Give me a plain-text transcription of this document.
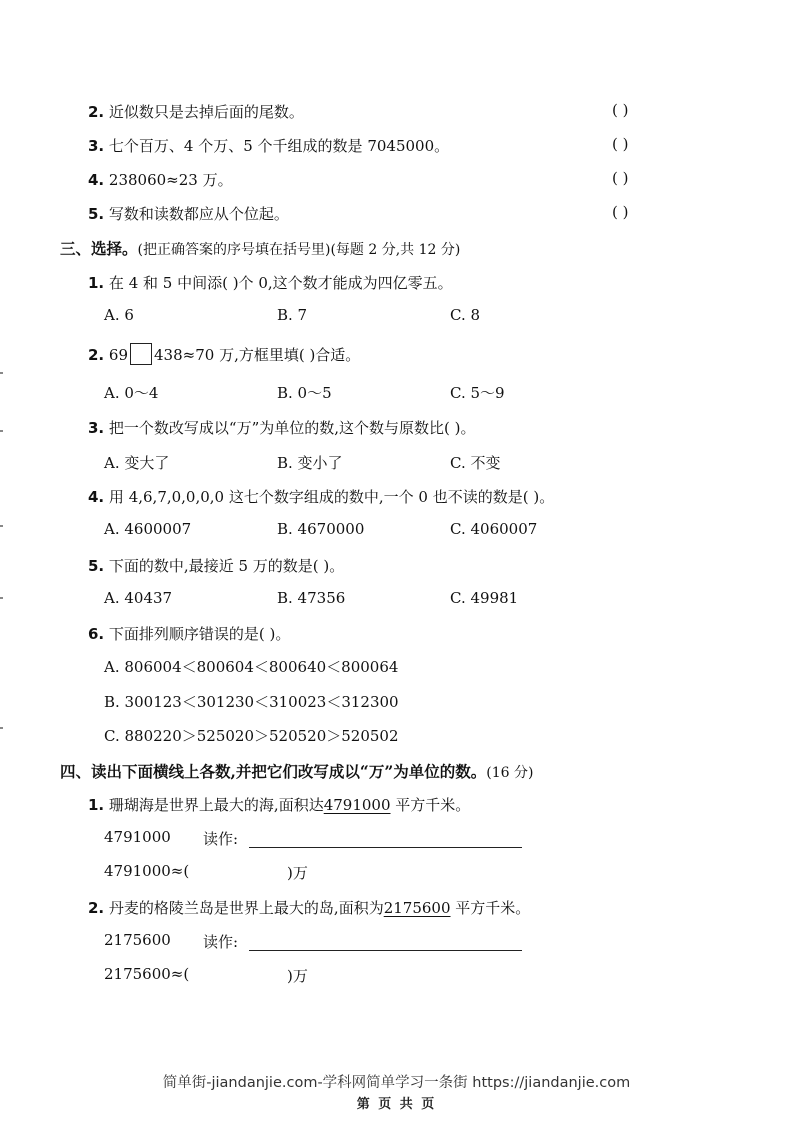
2. 近似数只是去掉后面的尾数。	( )
3. 七个百万、4 个万、5 个千组成的数是 7045000。	( )
4. 238060≈23 万。	( )
5. 写数和读数都应从个位起。	( )
三、选择。(把正确答案的序号填在括号里)(每题 2 分,共 12 分)
1. 在 4 和 5 中间添( )个 0,这个数才能成为四亿零五。
A. 6	B. 7	C. 8
2. 69 438≈70 万,方框里填( )合适。
A. 0～4	B. 0～5	C. 5～9
3. 把一个数改写成以“万”为单位的数,这个数与原数比( )。
A. 变大了	B. 变小了	C. 不变
4. 用 4,6,7,0,0,0,0 这七个数字组成的数中,一个 0 也不读的数是( )。
A. 4600007	B. 4670000	C. 4060007
5. 下面的数中,最接近 5 万的数是( )。
A. 40437	B. 47356	C. 49981
6. 下面排列顺序错误的是( )。
A. 806004＜800604＜800640＜800064
B. 300123＜301230＜310023＜312300
C. 880220＞525020＞520520＞520502
四、读出下面横线上各数,并把它们改写成以“万”为单位的数。(16 分)
1. 珊瑚海是世界上最大的海,面积达4791000 平方千米。
4791000 读作:
4791000≈(	)万
2. 丹麦的格陵兰岛是世界上最大的岛,面积为2175600 平方千米。
2175600 读作:
2175600≈(	)万
简单街-jiandanjie.com-学科网简单学习一条街 https://jiandanjie.com
第 页 共 页
